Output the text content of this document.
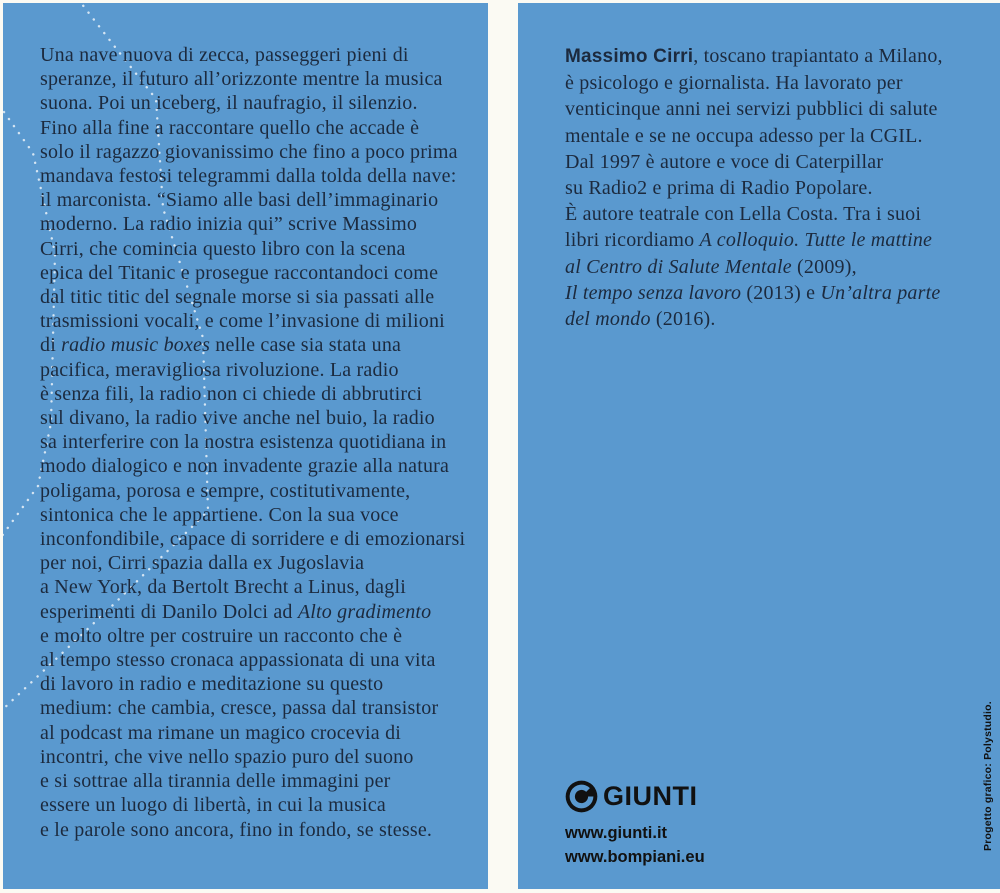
Una nave nuova di zecca, passeggeri pieni di
speranze, il futuro all’orizzonte mentre la musica
suona. Poi un iceberg, il naufragio, il silenzio.
Fino alla fine a raccontare quello che accade è
solo il ragazzo giovanissimo che fino a poco prima
mandava festosi telegrammi dalla tolda della nave:
il marconista. “Siamo alle basi dell’immaginario
moderno. La radio inizia qui” scrive Massimo
Cirri, che comincia questo libro con la scena
epica del Titanic e prosegue raccontandoci come
dal titic titic del segnale morse si sia passati alle
trasmissioni vocali, e come l’invasione di milioni
di radio music boxes nelle case sia stata una
pacifica, meravigliosa rivoluzione. La radio
è senza fili, la radio non ci chiede di abbrutirci
sul divano, la radio vive anche nel buio, la radio
sa interferire con la nostra esistenza quotidiana in
modo dialogico e non invadente grazie alla natura
poligama, porosa e sempre, costitutivamente,
sintonica che le appartiene. Con la sua voce
inconfondibile, capace di sorridere e di emozionarsi
per noi, Cirri spazia dalla ex Jugoslavia
a New York, da Bertolt Brecht a Linus, dagli
esperimenti di Danilo Dolci ad Alto gradimento
e molto oltre per costruire un racconto che è
al tempo stesso cronaca appassionata di una vita
di lavoro in radio e meditazione su questo
medium: che cambia, cresce, passa dal transistor
al podcast ma rimane un magico crocevia di
incontri, che vive nello spazio puro del suono
e si sottrae alla tirannia delle immagini per
essere un luogo di libertà, in cui la musica
e le parole sono ancora, fino in fondo, se stesse.
Massimo Cirri, toscano trapiantato a Milano,
è psicologo e giornalista. Ha lavorato per
venticinque anni nei servizi pubblici di salute
mentale e se ne occupa adesso per la CGIL.
Dal 1997 è autore e voce di Caterpillar
su Radio2 e prima di Radio Popolare.
È autore teatrale con Lella Costa. Tra i suoi
libri ricordiamo A colloquio. Tutte le mattine
al Centro di Salute Mentale (2009),
Il tempo senza lavoro (2013) e Un’altra parte
del mondo (2016).
GIUNTI
www.giunti.it
www.bompiani.eu
Progetto grafico: Polystudio.
